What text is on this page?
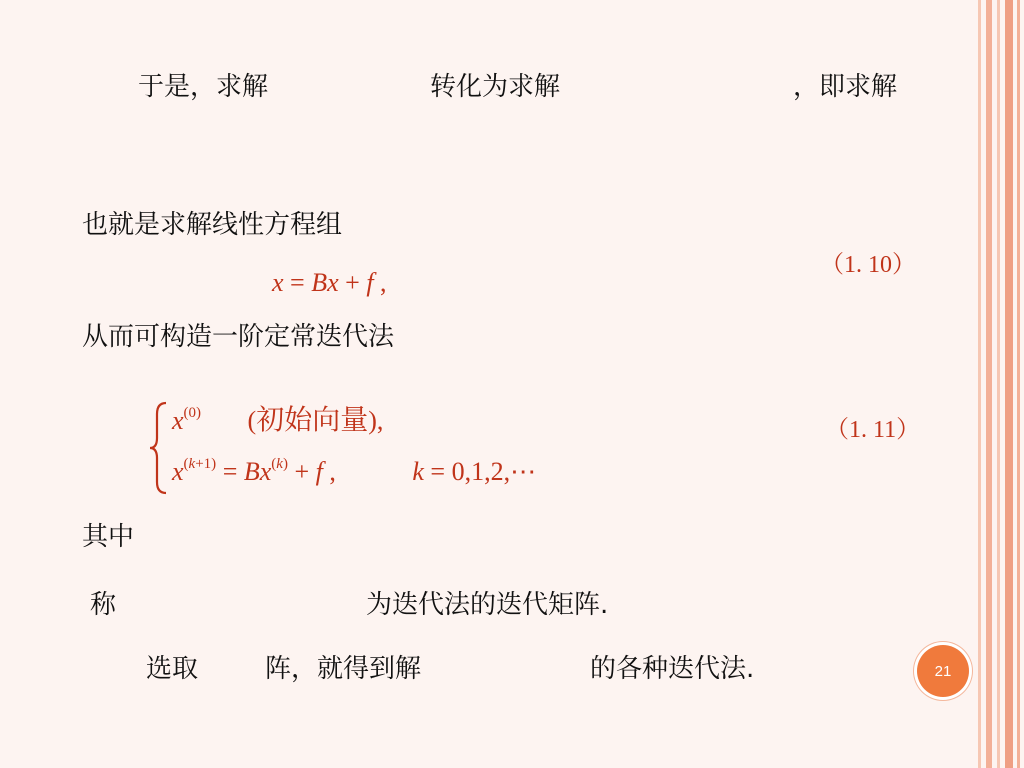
于是，求解	转化为求解	，即求解
也就是求解线性方程组
x = Bx + f ,
（1. 10）
从而可构造一阶定常迭代法
$x^{(0)}$ (初始向量),
$x^{(k+1)} = Bx^{(k)} + f$ ,	k = 0,1,2,⋯
（1. 11）
其中
称	为迭代法的迭代矩阵.
选取	阵，就得到解	的各种迭代法.	21
